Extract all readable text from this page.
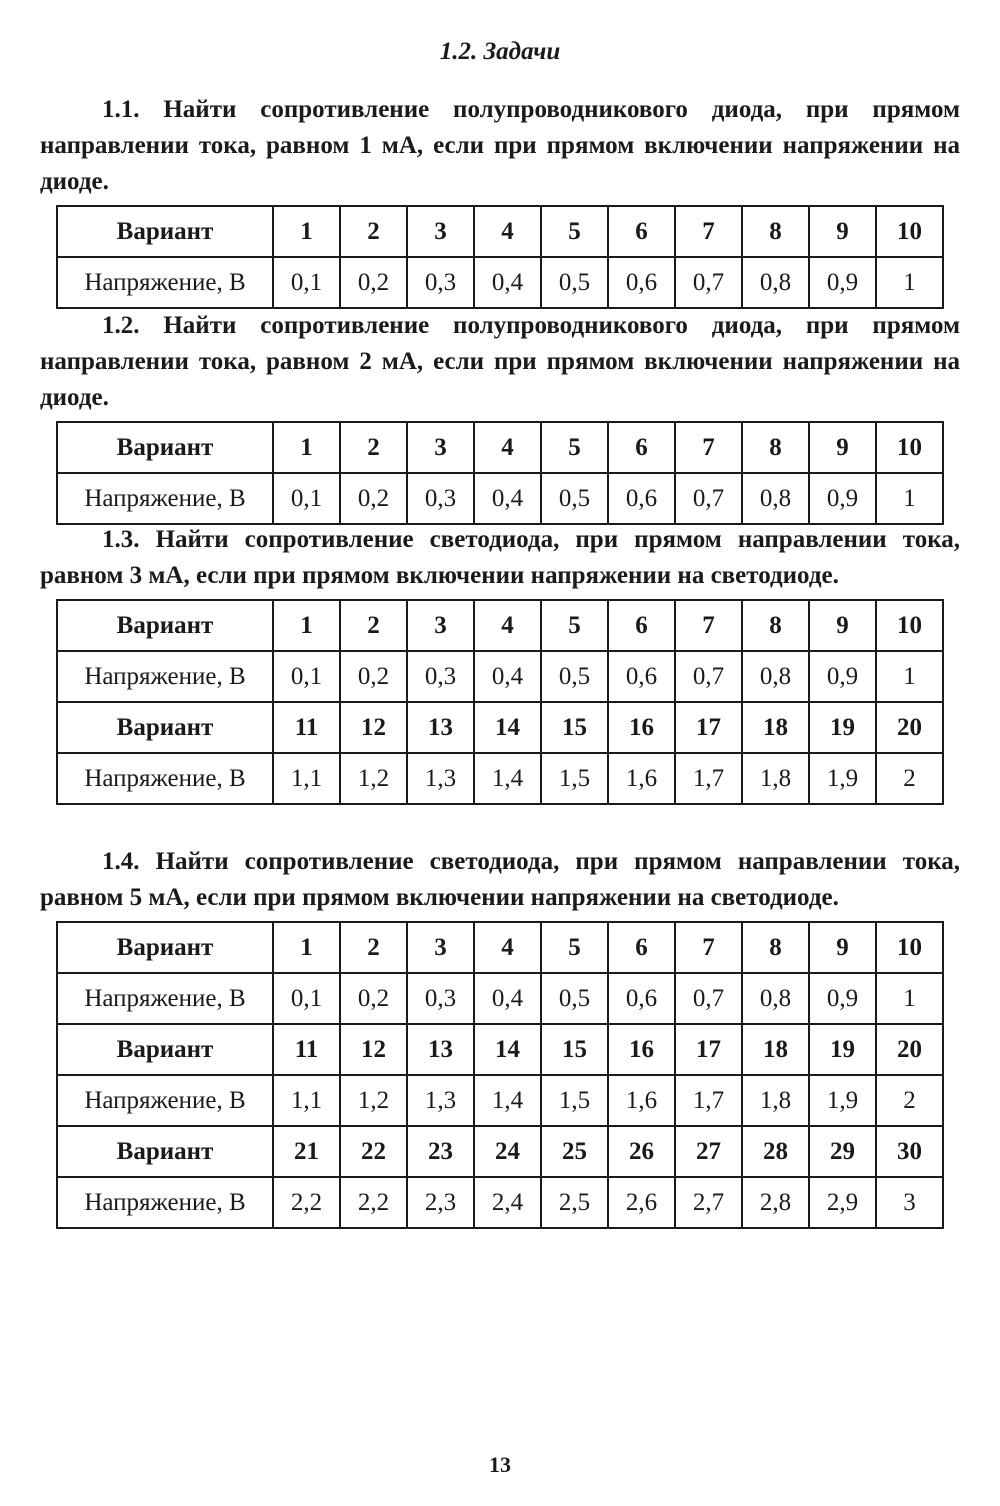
1.2. Задачи

1.1. Найти сопротивление полупроводникового диода, при прямом направлении тока, равном 1 мА, если при прямом включении напряжении на диоде.

Вариант	1	2	3	4	5	6	7	8	9	10
Напряжение, В	0,1	0,2	0,3	0,4	0,5	0,6	0,7	0,8	0,9	1

1.2. Найти сопротивление полупроводникового диода, при прямом направлении тока, равном 2 мА, если при прямом включении напряжении на диоде.

Вариант	1	2	3	4	5	6	7	8	9	10
Напряжение, В	0,1	0,2	0,3	0,4	0,5	0,6	0,7	0,8	0,9	1

1.3. Найти сопротивление светодиода, при прямом направлении тока, равном 3 мА, если при прямом включении напряжении на светодиоде.

Вариант	1	2	3	4	5	6	7	8	9	10
Напряжение, В	0,1	0,2	0,3	0,4	0,5	0,6	0,7	0,8	0,9	1
Вариант	11	12	13	14	15	16	17	18	19	20
Напряжение, В	1,1	1,2	1,3	1,4	1,5	1,6	1,7	1,8	1,9	2

1.4. Найти сопротивление светодиода, при прямом направлении тока, равном 5 мА, если при прямом включении напряжении на светодиоде.

Вариант	1	2	3	4	5	6	7	8	9	10
Напряжение, В	0,1	0,2	0,3	0,4	0,5	0,6	0,7	0,8	0,9	1
Вариант	11	12	13	14	15	16	17	18	19	20
Напряжение, В	1,1	1,2	1,3	1,4	1,5	1,6	1,7	1,8	1,9	2
Вариант	21	22	23	24	25	26	27	28	29	30
Напряжение, В	2,2	2,2	2,3	2,4	2,5	2,6	2,7	2,8	2,9	3
13
